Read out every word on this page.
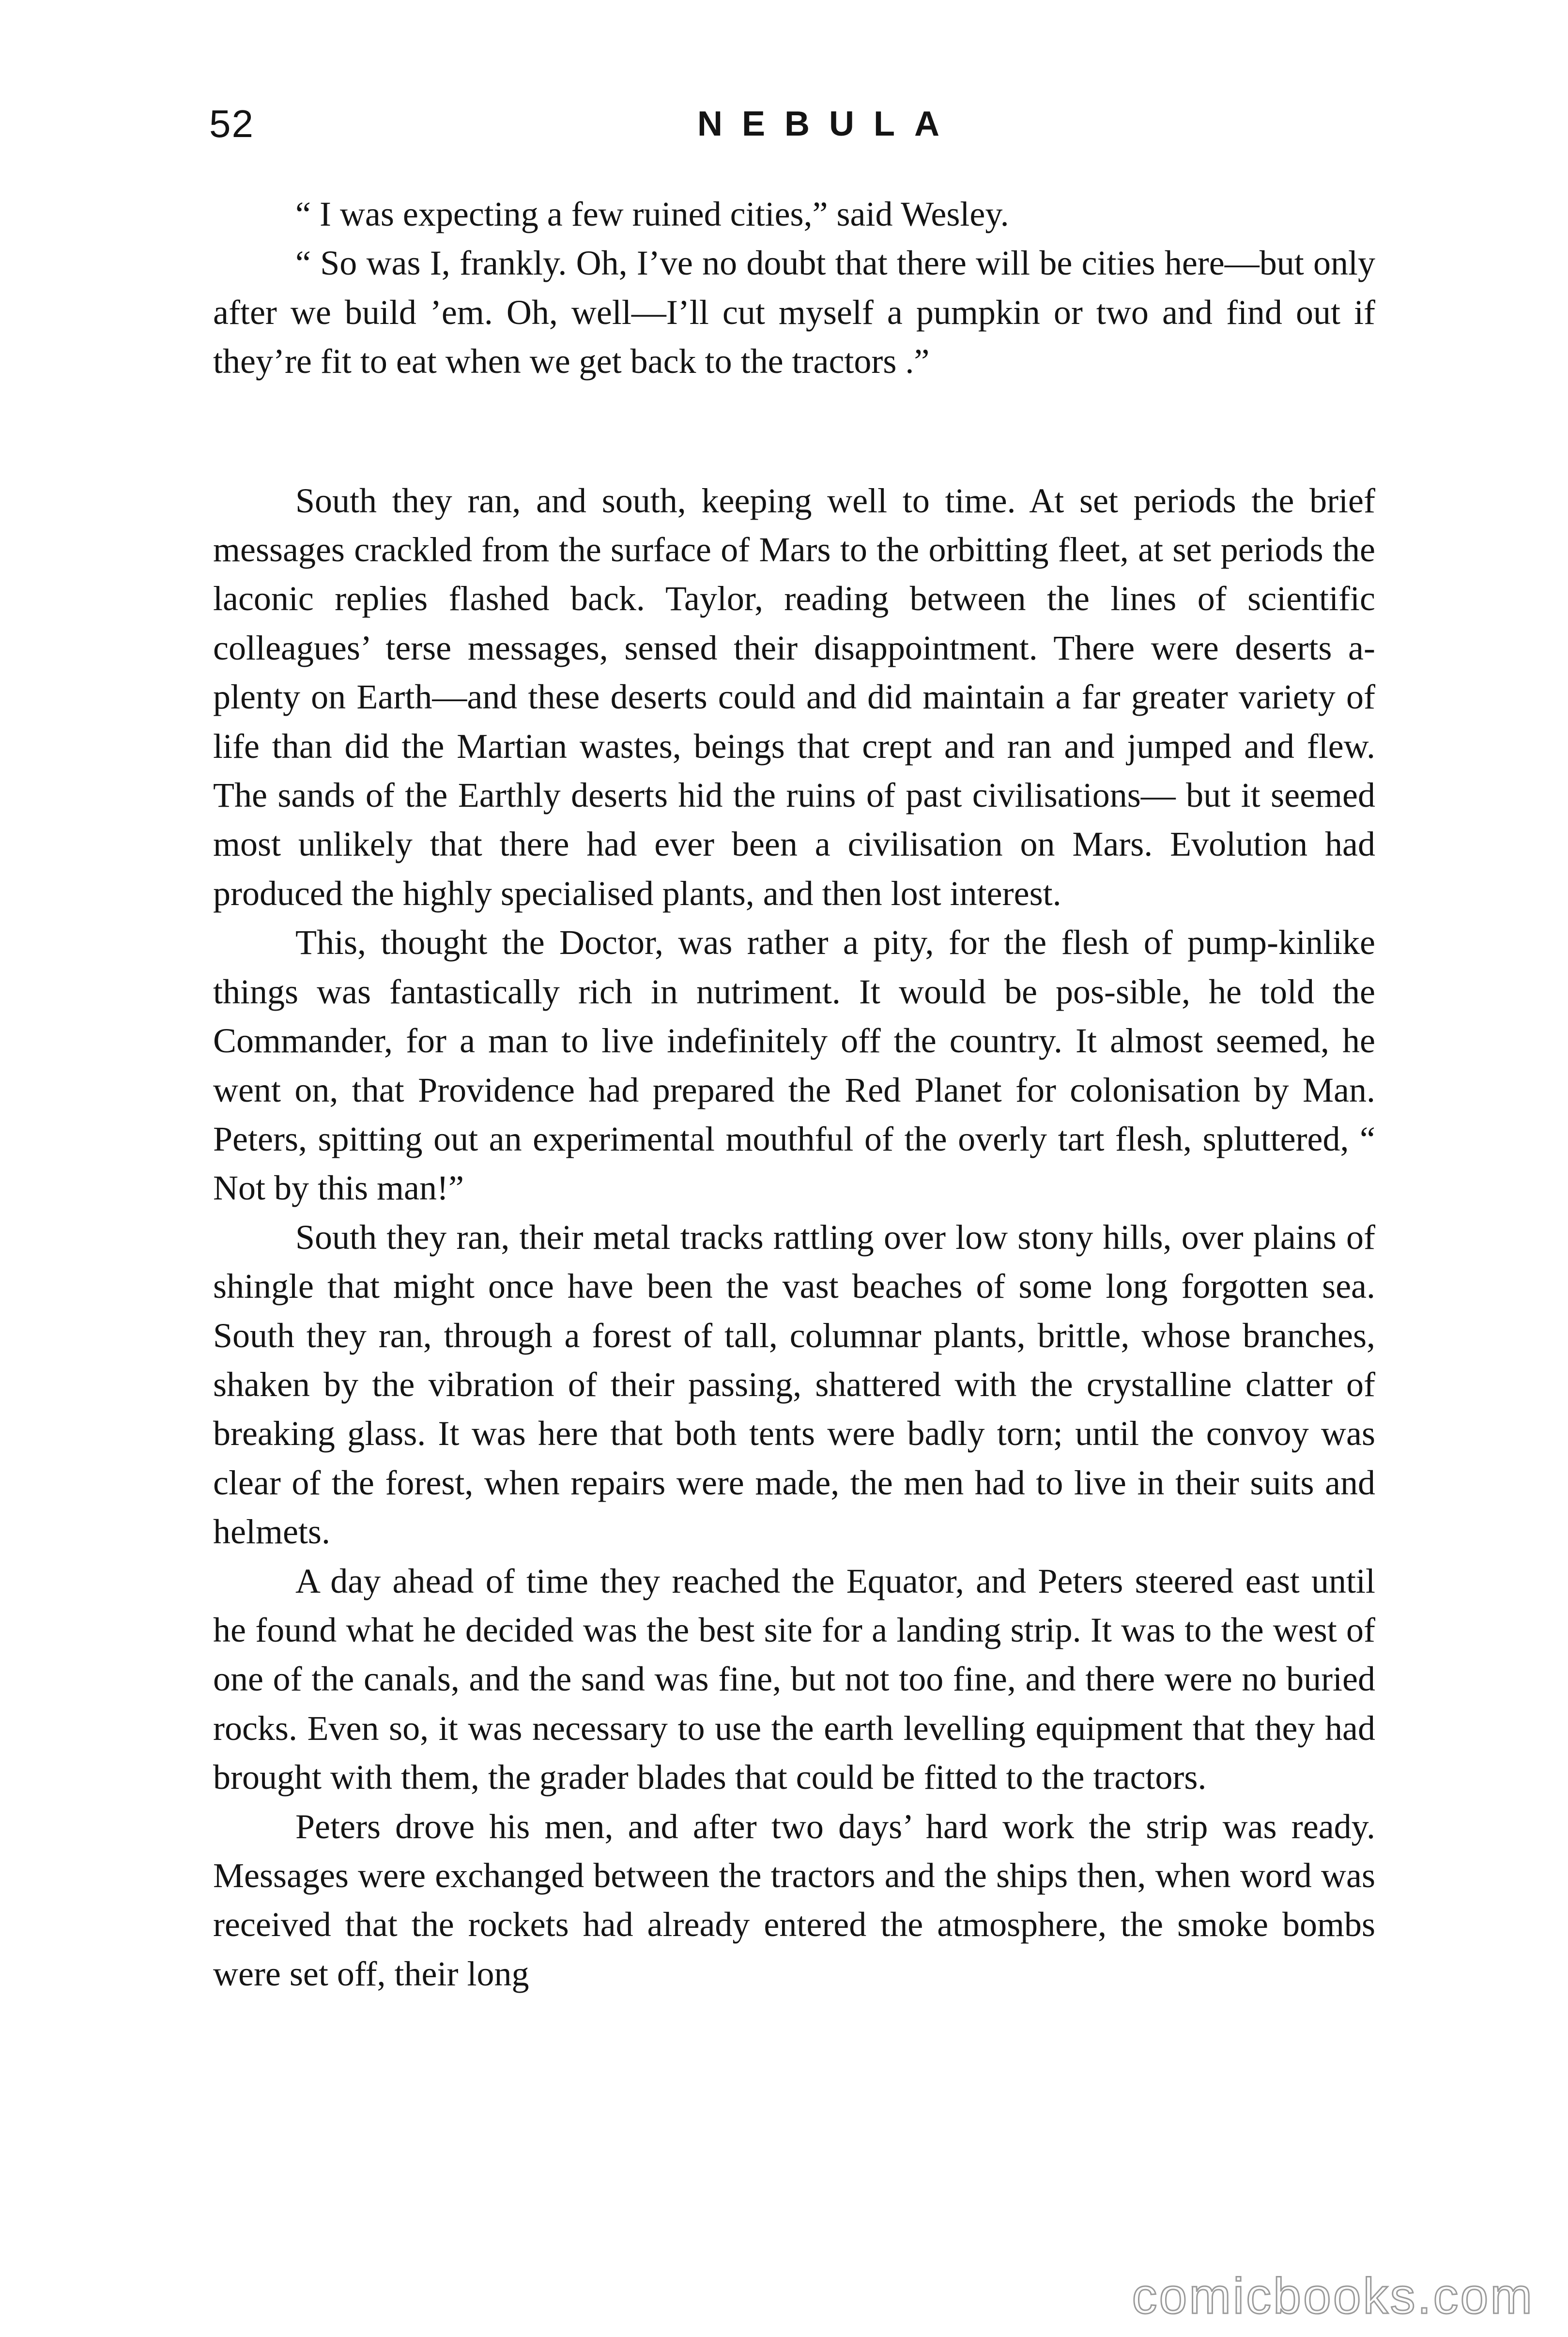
52	NEBULA

“ I was expecting a few ruined cities,” said Wesley.

“ So was I, frankly. Oh, I’ve no doubt that there will be cities here—but only after we build ’em. Oh, well—I’ll cut myself a pumpkin or two and find out if they’re fit to eat when we get back to the tractors .”

South they ran, and south, keeping well to time. At set periods the brief messages crackled from the surface of Mars to the orbitting fleet, at set periods the laconic replies flashed back. Taylor, reading between the lines of scientific colleagues’ terse messages, sensed their disappointment. There were deserts a-plenty on Earth—and these deserts could and did maintain a far greater variety of life than did the Martian wastes, beings that crept and ran and jumped and flew. The sands of the Earthly deserts hid the ruins of past civilisations— but it seemed most unlikely that there had ever been a civilisation on Mars. Evolution had produced the highly specialised plants, and then lost interest.

This, thought the Doctor, was rather a pity, for the flesh of pump-kinlike things was fantastically rich in nutriment. It would be pos-sible, he told the Commander, for a man to live indefinitely off the country. It almost seemed, he went on, that Providence had prepared the Red Planet for colonisation by Man. Peters, spitting out an experimental mouthful of the overly tart flesh, spluttered, “ Not by this man!”

South they ran, their metal tracks rattling over low stony hills, over plains of shingle that might once have been the vast beaches of some long forgotten sea. South they ran, through a forest of tall, columnar plants, brittle, whose branches, shaken by the vibration of their passing, shattered with the crystalline clatter of breaking glass. It was here that both tents were badly torn; until the convoy was clear of the forest, when repairs were made, the men had to live in their suits and helmets.

A day ahead of time they reached the Equator, and Peters steered east until he found what he decided was the best site for a landing strip. It was to the west of one of the canals, and the sand was fine, but not too fine, and there were no buried rocks. Even so, it was necessary to use the earth levelling equipment that they had brought with them, the grader blades that could be fitted to the tractors.

Peters drove his men, and after two days’ hard work the strip was ready. Messages were exchanged between the tractors and the ships then, when word was received that the rockets had already entered the atmosphere, the smoke bombs were set off, their long

comicbooks.com
